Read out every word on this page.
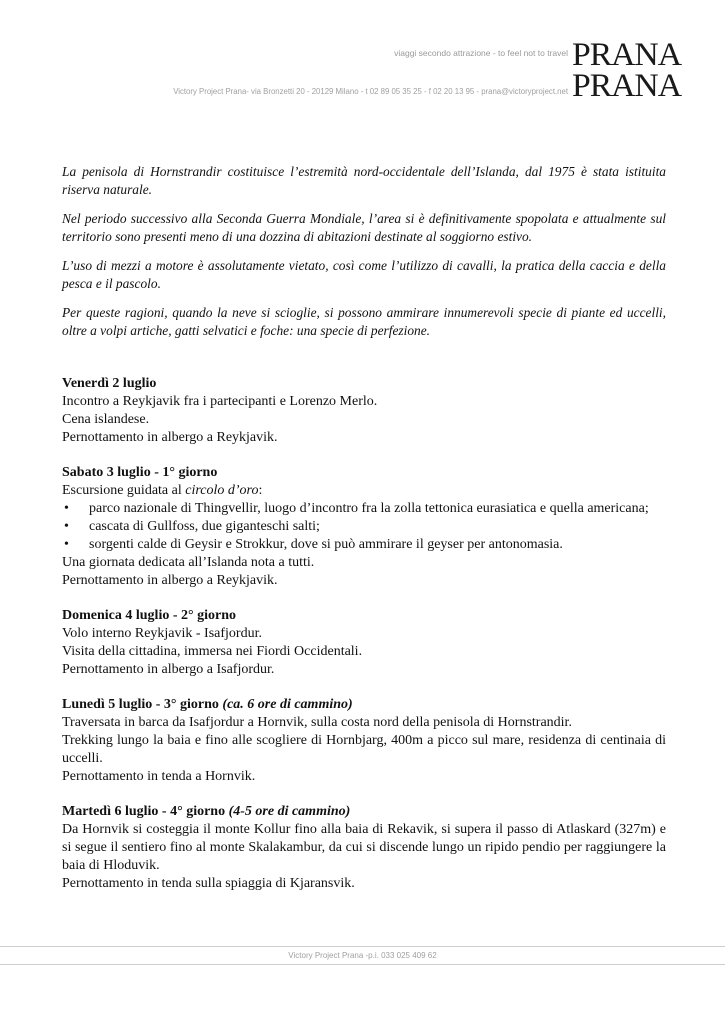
viaggi secondo attrazione - to feel not to travel
Victory Project Prana- via Bronzetti 20 - 20129 Milano - t 02 89 05 35 25 - f 02 20 13 95 - prana@victoryproject.net
PRANA
PRANA

La penisola di Hornstrandir costituisce l’estremità nord-occidentale dell’Islanda, dal 1975 è stata istituita riserva naturale.

Nel periodo successivo alla Seconda Guerra Mondiale, l’area si è definitivamente spopolata e attualmente sul territorio sono presenti meno di una dozzina di abitazioni destinate al soggiorno estivo.

L’uso di mezzi a motore è assolutamente vietato, così come l’utilizzo di cavalli, la pratica della caccia e della pesca e il pascolo.

Per queste ragioni, quando la neve si scioglie, si possono ammirare innumerevoli specie di piante ed uccelli, oltre a volpi artiche, gatti selvatici e foche: una specie di perfezione.

Venerdì 2 luglio
Incontro a Reykjavik fra i partecipanti e Lorenzo Merlo.
Cena islandese.
Pernottamento in albergo a Reykjavik.
Sabato 3 luglio - 1° giorno
Escursione guidata al circolo d’oro:
• parco nazionale di Thingvellir, luogo d’incontro fra la zolla tettonica eurasiatica e quella americana;
• cascata di Gullfoss, due giganteschi salti;
• sorgenti calde di Geysir e Strokkur, dove si può ammirare il geyser per antonomasia.
Una giornata dedicata all’Islanda nota a tutti.
Pernottamento in albergo a Reykjavik.
Domenica 4 luglio - 2° giorno
Volo interno Reykjavik - Isafjordur.
Visita della cittadina, immersa nei Fiordi Occidentali.
Pernottamento in albergo a Isafjordur.
Lunedì 5 luglio - 3° giorno (ca. 6 ore di cammino)
Traversata in barca da Isafjordur a Hornvik, sulla costa nord della penisola di Hornstrandir.
Trekking lungo la baia e fino alle scogliere di Hornbjarg, 400m a picco sul mare, residenza di centinaia di uccelli.
Pernottamento in tenda a Hornvik.
Martedì 6 luglio - 4° giorno (4-5 ore di cammino)
Da Hornvik si costeggia il monte Kollur fino alla baia di Rekavik, si supera il passo di Atlaskard (327m) e si segue il sentiero fino al monte Skalakambur, da cui si discende lungo un ripido pendio per raggiungere la baia di Hloduvik.
Pernottamento in tenda sulla spiaggia di Kjaransvik.
Victory Project Prana -p.i. 033 025 409 62
